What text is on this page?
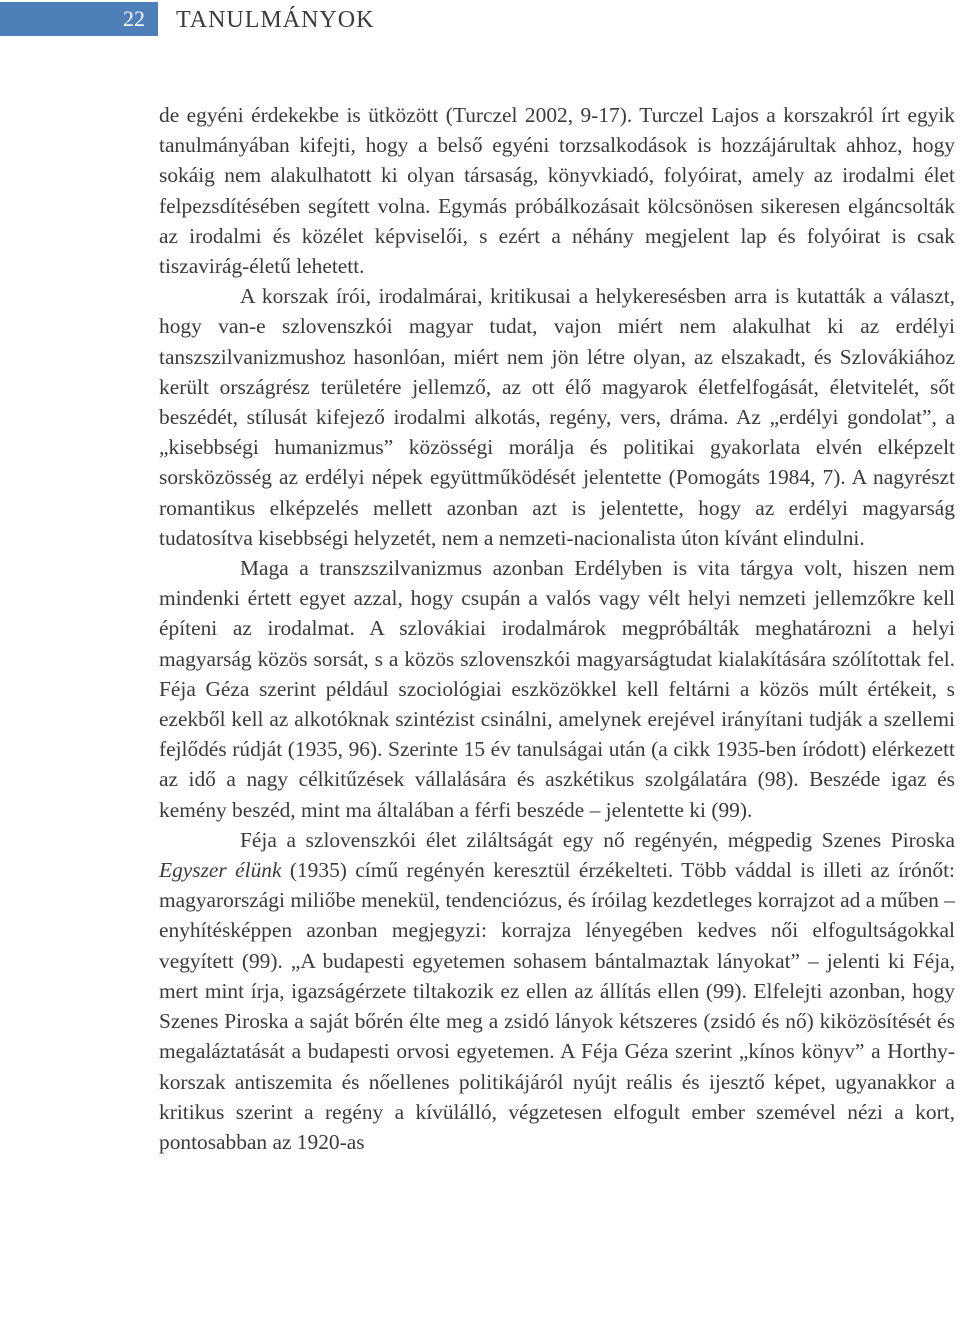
22	TANULMÁNYOK

de egyéni érdekekbe is ütközött (Turczel 2002, 9-17). Turczel Lajos a korszakról írt egyik tanulmányában kifejti, hogy a belső egyéni torzsalkodások is hozzájárultak ahhoz, hogy sokáig nem alakulhatott ki olyan társaság, könyvkiadó, folyóirat, amely az irodalmi élet felpezsdítésében segített volna. Egymás próbálkozásait kölcsönösen sikeresen elgáncsolták az irodalmi és közélet képviselői, s ezért a néhány megjelent lap és folyóirat is csak tiszavirág-életű lehetett.

A korszak írói, irodalmárai, kritikusai a helykeresésben arra is kutatták a választ, hogy van-e szlovenszkói magyar tudat, vajon miért nem alakulhat ki az erdélyi tanszszilvanizmushoz hasonlóan, miért nem jön létre olyan, az elszakadt, és Szlovákiához került országrész területére jellemző, az ott élő magyarok életfelfogását, életvitelét, sőt beszédét, stílusát kifejező irodalmi alkotás, regény, vers, dráma. Az „erdélyi gondolat”, a „kisebbségi humanizmus” közösségi morálja és politikai gyakorlata elvén elképzelt sorsközösség az erdélyi népek együttműködését jelentette (Pomogáts 1984, 7). A nagyrészt romantikus elképzelés mellett azonban azt is jelentette, hogy az erdélyi magyarság tudatosítva kisebbségi helyzetét, nem a nemzeti-nacionalista úton kívánt elindulni.

Maga a transzszilvanizmus azonban Erdélyben is vita tárgya volt, hiszen nem mindenki értett egyet azzal, hogy csupán a valós vagy vélt helyi nemzeti jellemzőkre kell építeni az irodalmat. A szlovákiai irodalmárok megpróbálták meghatározni a helyi magyarság közös sorsát, s a közös szlovenszkói magyarságtudat kialakítására szólítottak fel. Féja Géza szerint például szociológiai eszközökkel kell feltárni a közös múlt értékeit, s ezekből kell az alkotóknak szintézist csinálni, amelynek erejével irányítani tudják a szellemi fejlődés rúdját (1935, 96). Szerinte 15 év tanulságai után (a cikk 1935-ben íródott) elérkezett az idő a nagy célkitűzések vállalására és aszkétikus szolgálatára (98). Beszéde igaz és kemény beszéd, mint ma általában a férfi beszéde – jelentette ki (99).

Féja a szlovenszkói élet ziláltságát egy nő regényén, mégpedig Szenes Piroska Egyszer élünk (1935) című regényén keresztül érzékelteti. Több váddal is illeti az írónőt: magyarországi miliőbe menekül, tendenciózus, és íróilag kezdetleges korrajzot ad a műben – enyhítésképpen azonban megjegyzi: korrajza lényegében kedves női elfogultságokkal vegyített (99). „A budapesti egyetemen sohasem bántalmaztak lányokat” – jelenti ki Féja, mert mint írja, igazságérzete tiltakozik ez ellen az állítás ellen (99). Elfelejti azonban, hogy Szenes Piroska a saját bőrén élte meg a zsidó lányok kétszeres (zsidó és nő) kiközösítését és megaláztatását a budapesti orvosi egyetemen. A Féja Géza szerint „kínos könyv” a Horthy-korszak antiszemita és nőellenes politikájáról nyújt reális és ijesztő képet, ugyanakkor a kritikus szerint a regény a kívülálló, végzetesen elfogult ember szemével nézi a kort, pontosabban az 1920-as
